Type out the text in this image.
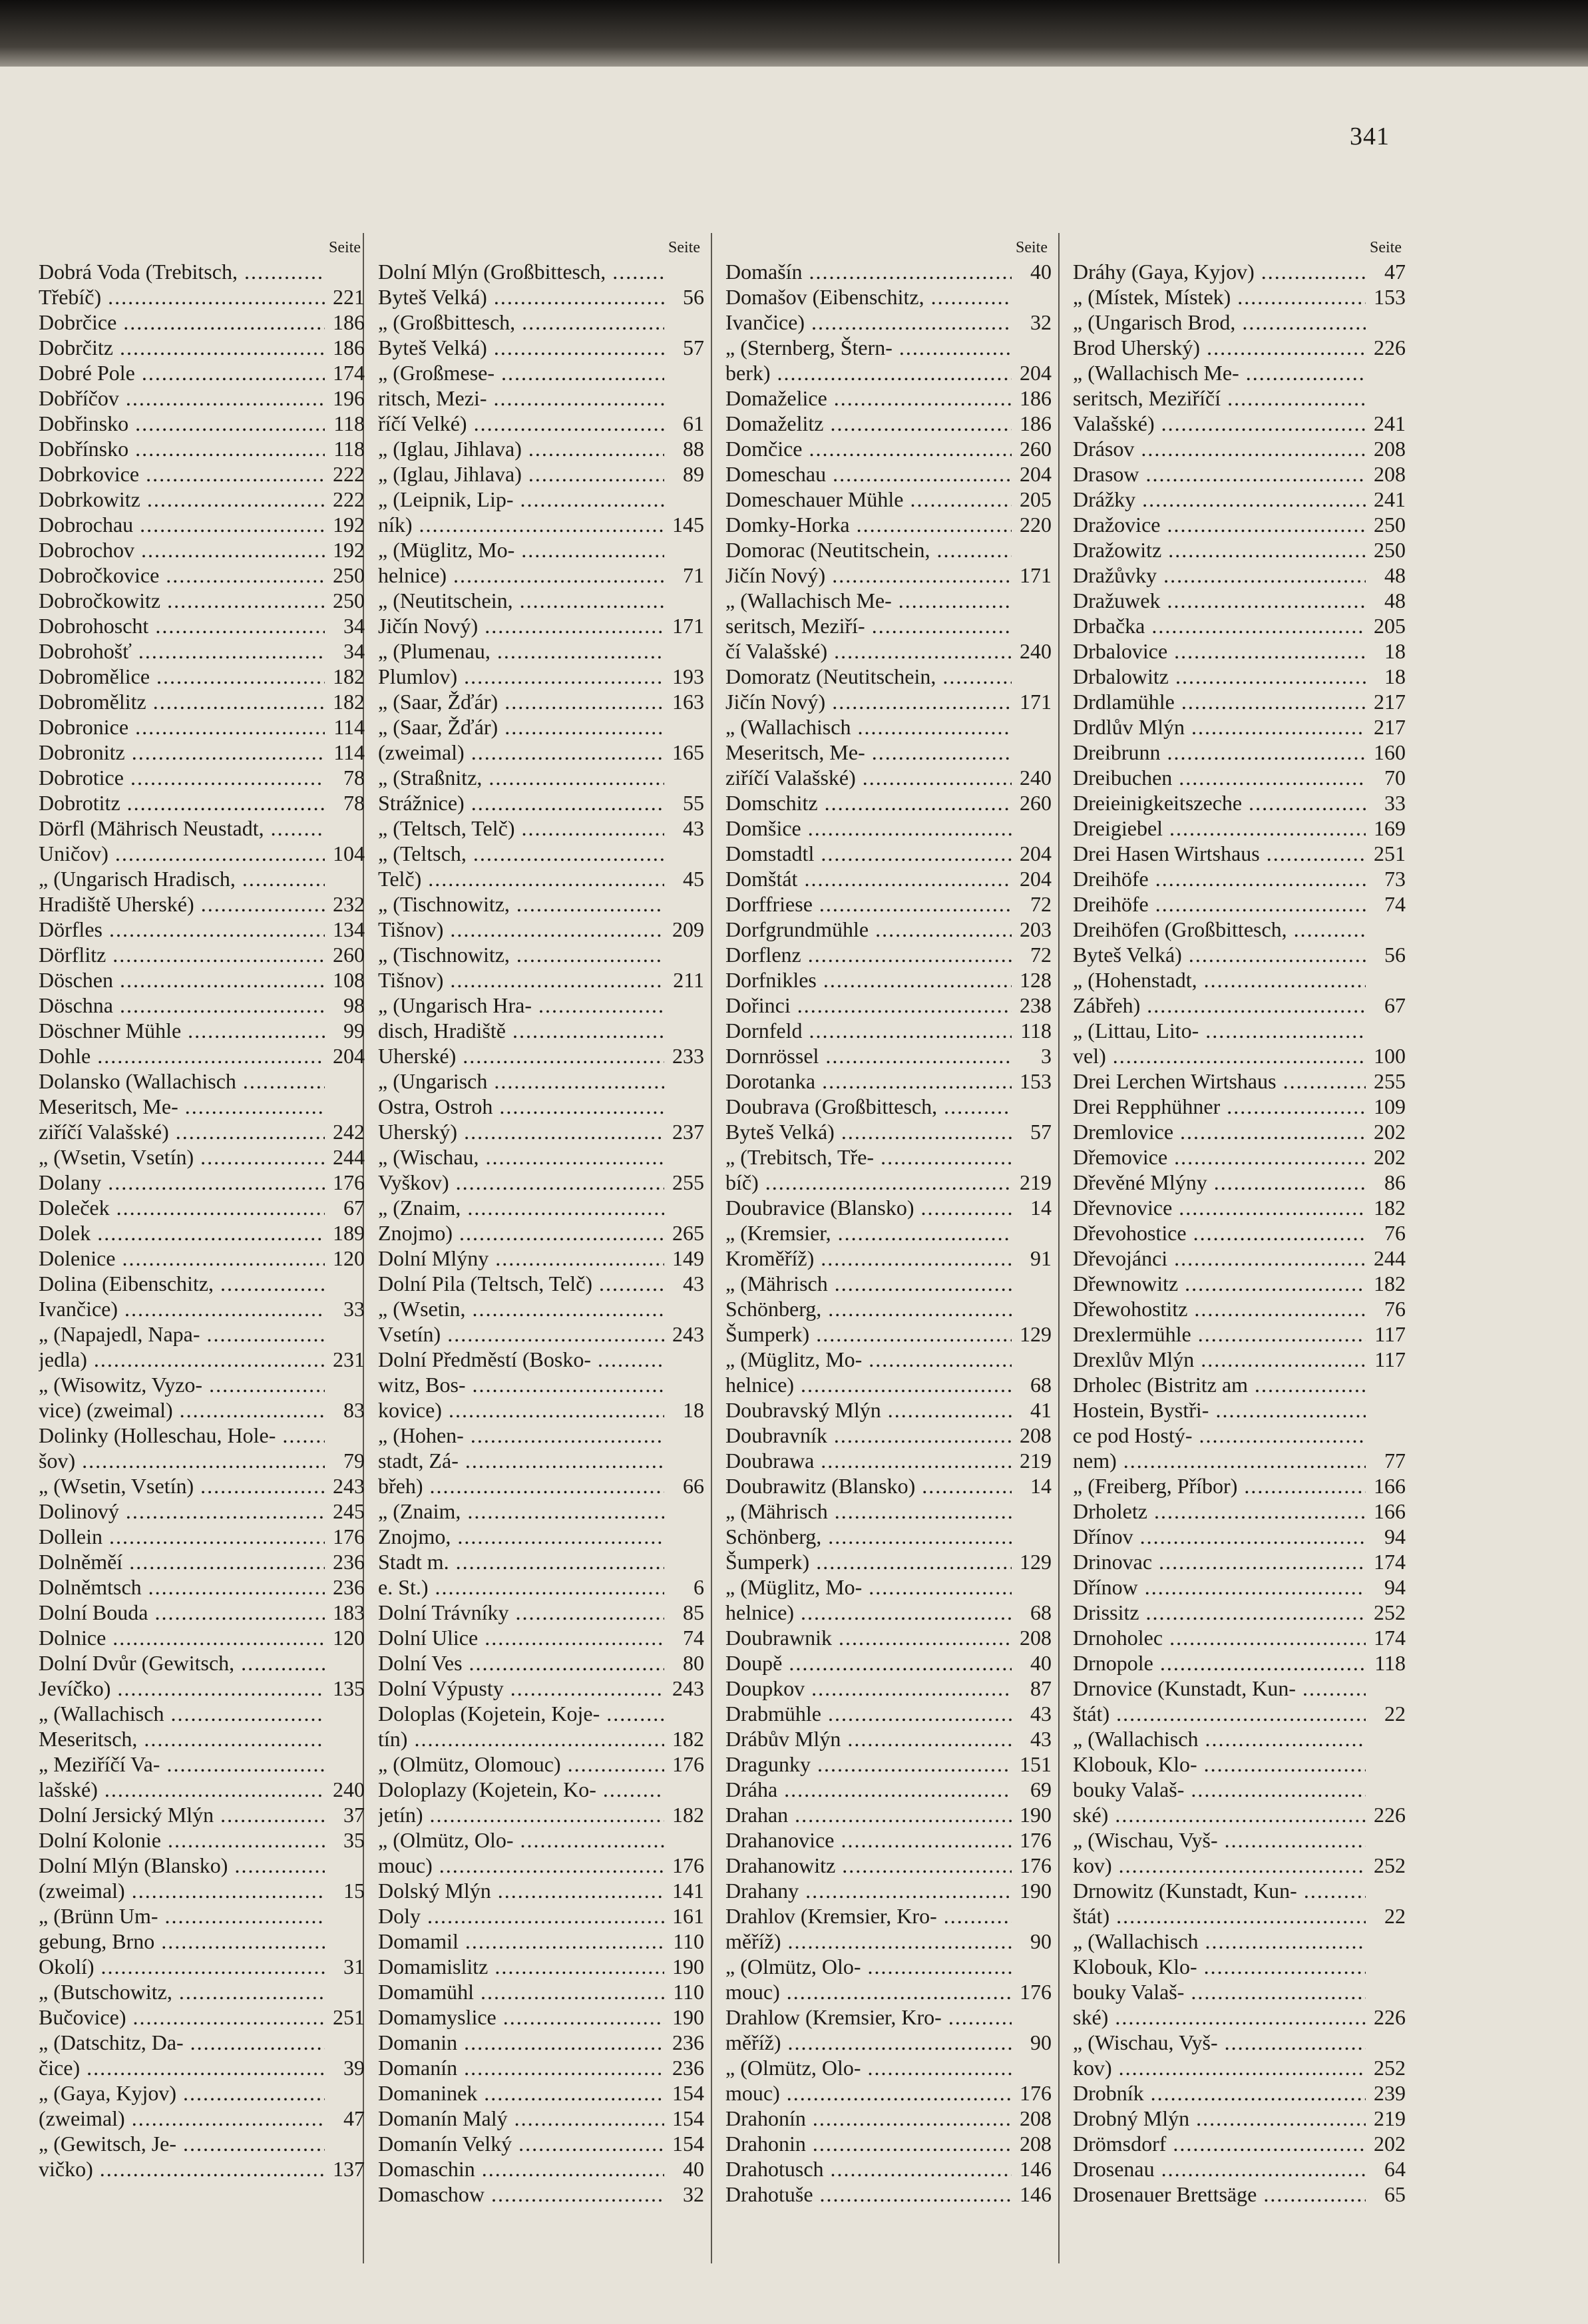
341
Seite
Dobrá Voda (Trebitsch, .....
Třebíč) .....	221
Dobrčice .....	186
Dobrčitz .....	186
Dobré Pole .....	174
Dobříčov .....	196
Dobřinsko .....	118
Dobřínsko .....	118
Dobrkovice .....	222
Dobrkowitz .....	222
Dobrochau .....	192
Dobrochov .....	192
Dobročkovice .....	250
Dobročkowitz .....	250
Dobrohoscht .....	34
Dobrohošť .....	34
Dobromělice .....	182
Dobromělitz .....	182
Dobronice .....	114
Dobronitz .....	114
Dobrotice .....	78
Dobrotitz .....	78
Dörfl (Mährisch Neustadt, .....
Uničov) .....	104
„ (Ungarisch Hradisch, .....
Hradiště Uherské) .....	232
Dörfles .....	134
Dörflitz .....	260
Döschen .....	108
Döschna .....	98
Döschner Mühle .....	99
Dohle .....	204
Dolansko (Wallachisch .....
Meseritsch, Me- .....
ziříčí Valašské) .....	242
„ (Wsetin, Vsetín) .....	244
Dolany .....	176
Doleček .....	67
Dolek .....	189
Dolenice .....	120
Dolina (Eibenschitz, .....
Ivančice) .....	33
„ (Napajedl, Napa- .....
jedla) .....	231
„ (Wisowitz, Vyzo- .....
vice) (zweimal) .....	83
Dolinky (Holleschau, Hole- .....
šov) .....	79
„ (Wsetin, Vsetín) .....	243
Dolinový .....	245
Dollein .....	176
Dolněměí .....	236
Dolněmtsch .....	236
Dolní Bouda .....	183
Dolnice .....	120
Dolní Dvůr (Gewitsch, .....
Jevíčko) .....	135
„ (Wallachisch .....
Meseritsch, .....
„ Meziříčí Va- .....
lašské) .....	240
Dolní Jersický Mlýn .....	37
Dolní Kolonie .....	35
Dolní Mlýn (Blansko) .....
(zweimal) .....	15
„ (Brünn Um- .....
gebung, Brno .....
Okolí) .....	31
„ (Butschowitz, .....
Bučovice) .....	251
„ (Datschitz, Da- .....
čice) .....	39
„ (Gaya, Kyjov) .....
(zweimal) .....	47
„ (Gewitsch, Je- .....
vičko) .....	137
Seite
Dolní Mlýn (Großbittesch, .....
Byteš Velká) .....	56
„ (Großbittesch, .....
Byteš Velká) .....	57
„ (Großmese- .....
ritsch, Mezi- .....
říčí Velké) .....	61
„ (Iglau, Jihlava) .....	88
„ (Iglau, Jihlava) .....	89
„ (Leipnik, Lip- .....
ník) .....	145
„ (Müglitz, Mo- .....
helnice) .....	71
„ (Neutitschein, .....
Jičín Nový) .....	171
„ (Plumenau, .....
Plumlov) .....	193
„ (Saar, Žďár) .....	163
„ (Saar, Žďár) .....
(zweimal) .....	165
„ (Straßnitz, .....
Strážnice) .....	55
„ (Teltsch, Telč) .....	43
„ (Teltsch, .....
Telč) .....	45
„ (Tischnowitz, .....
Tišnov) .....	209
„ (Tischnowitz, .....
Tišnov) .....	211
„ (Ungarisch Hra- .....
disch, Hradiště .....
Uherské) .....	233
„ (Ungarisch .....
Ostra, Ostroh .....
Uherský) .....	237
„ (Wischau, .....
Vyškov) .....	255
„ (Znaim, .....
Znojmo) .....	265
Dolní Mlýny .....	149
Dolní Pila (Teltsch, Telč) .....	43
„ (Wsetin, .....
Vsetín) .....	243
Dolní Předměstí (Bosko- .....
witz, Bos- .....
kovice) .....	18
„ (Hohen- .....
stadt, Zá- .....
břeh) .....	66
„ (Znaim, .....
Znojmo, .....
Stadt m. .....
e. St.) .....	6
Dolní Trávníky .....	85
Dolní Ulice .....	74
Dolní Ves .....	80
Dolní Výpusty .....	243
Doloplas (Kojetein, Koje- .....
tín) .....	182
„ (Olmütz, Olomouc) .....	176
Doloplazy (Kojetein, Ko- .....
jetín) .....	182
„ (Olmütz, Olo- .....
mouc) .....	176
Dolský Mlýn .....	141
Doly .....	161
Domamil .....	110
Domamislitz .....	190
Domamühl .....	110
Domamyslice .....	190
Domanin .....	236
Domanín .....	236
Domaninek .....	154
Domanín Malý .....	154
Domanín Velký .....	154
Domaschin .....	40
Domaschow .....	32
Seite
Domašín .....	40
Domašov (Eibenschitz, .....
Ivančice) .....	32
„ (Sternberg, Štern- .....
berk) .....	204
Domaželice .....	186
Domaželitz .....	186
Domčice .....	260
Domeschau .....	204
Domeschauer Mühle .....	205
Domky-Horka .....	220
Domorac (Neutitschein, .....
Jičín Nový) .....	171
„ (Wallachisch Me- .....
seritsch, Meziří- .....
čí Valašské) .....	240
Domoratz (Neutitschein, .....
Jičín Nový) .....	171
„ (Wallachisch .....
Meseritsch, Me- .....
ziříčí Valašské) .....	240
Domschitz .....	260
Domšice .....
Domstadtl .....	204
Domštát .....	204
Dorffriese .....	72
Dorfgrundmühle .....	203
Dorflenz .....	72
Dorfnikles .....	128
Dořinci .....	238
Dornfeld .....	118
Dornrössel .....	3
Dorotanka .....	153
Doubrava (Großbittesch, .....
Byteš Velká) .....	57
„ (Trebitsch, Tře- .....
bíč) .....	219
Doubravice (Blansko) .....	14
„ (Kremsier, .....
Kroměříž) .....	91
„ (Mährisch .....
Schönberg, .....
Šumperk) .....	129
„ (Müglitz, Mo- .....
helnice) .....	68
Doubravský Mlýn .....	41
Doubravník .....	208
Doubrawa .....	219
Doubrawitz (Blansko) .....	14
„ (Mährisch .....
Schönberg, .....
Šumperk) .....	129
„ (Müglitz, Mo- .....
helnice) .....	68
Doubrawnik .....	208
Doupě .....	40
Doupkov .....	87
Drabmühle .....	43
Drábův Mlýn .....	43
Dragunky .....	151
Dráha .....	69
Drahan .....	190
Drahanovice .....	176
Drahanowitz .....	176
Drahany .....	190
Drahlov (Kremsier, Kro- .....
měříž) .....	90
„ (Olmütz, Olo- .....
mouc) .....	176
Drahlow (Kremsier, Kro- .....
měříž) .....	90
„ (Olmütz, Olo- .....
mouc) .....	176
Drahonín .....	208
Drahonin .....	208
Drahotusch .....	146
Drahotuše .....	146
Seite
Dráhy (Gaya, Kyjov) .....	47
„ (Místek, Místek) .....	153
„ (Ungarisch Brod, .....
Brod Uherský) .....	226
„ (Wallachisch Me- .....
seritsch, Meziříčí .....
Valašské) .....	241
Drásov .....	208
Drasow .....	208
Drážky .....	241
Dražovice .....	250
Dražowitz .....	250
Dražůvky .....	48
Dražuwek .....	48
Drbačka .....	205
Drbalovice .....	18
Drbalowitz .....	18
Drdlamühle .....	217
Drdlův Mlýn .....	217
Dreibrunn .....	160
Dreibuchen .....	70
Dreieinigkeitszeche .....	33
Dreigiebel .....	169
Drei Hasen Wirtshaus .....	251
Dreihöfe .....	73
Dreihöfe .....	74
Dreihöfen (Großbittesch, .....
Byteš Velká) .....	56
„ (Hohenstadt, .....
Zábřeh) .....	67
„ (Littau, Lito- .....
vel) .....	100
Drei Lerchen Wirtshaus .....	255
Drei Repphühner .....	109
Dremlovice .....	202
Dřemovice .....	202
Dřevěné Mlýny .....	86
Dřevnovice .....	182
Dřevohostice .....	76
Dřevojánci .....	244
Dřewnowitz .....	182
Dřewohostitz .....	76
Drexlermühle .....	117
Drexlův Mlýn .....	117
Drholec (Bistritz am .....
Hostein, Bystři- .....
ce pod Hostý- .....
nem) .....	77
„ (Freiberg, Příbor) .....	166
Drholetz .....	166
Dřínov .....	94
Drinovac .....	174
Dřínow .....	94
Drissitz .....	252
Drnoholec .....	174
Drnopole .....	118
Drnovice (Kunstadt, Kun- .....
štát) .....	22
„ (Wallachisch .....
Klobouk, Klo- .....
bouky Valaš- .....
ské) .....	226
„ (Wischau, Vyš- .....
kov) .....	252
Drnowitz (Kunstadt, Kun- .....
štát) .....	22
„ (Wallachisch .....
Klobouk, Klo- .....
bouky Valaš- .....
ské) .....	226
„ (Wischau, Vyš- .....
kov) .....	252
Drobník .....	239
Drobný Mlýn .....	219
Drömsdorf .....	202
Drosenau .....	64
Drosenauer Brettsäge .....	65
